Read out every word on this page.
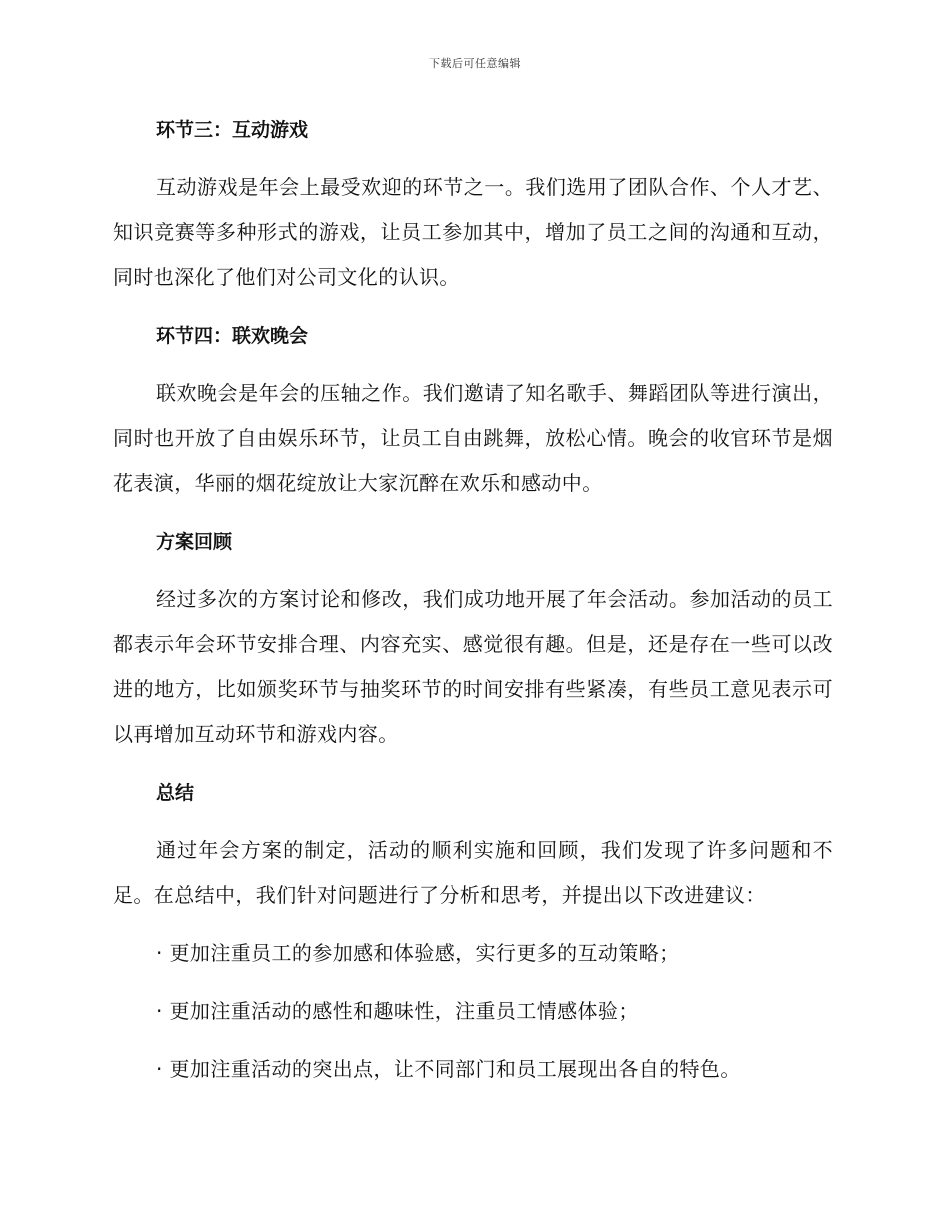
下载后可任意编辑
环节三：互动游戏

互动游戏是年会上最受欢迎的环节之一。我们选用了团队合作、个人才艺、知识竞赛等多种形式的游戏，让员工参加其中，增加了员工之间的沟通和互动，同时也深化了他们对公司文化的认识。

环节四：联欢晚会

联欢晚会是年会的压轴之作。我们邀请了知名歌手、舞蹈团队等进行演出，同时也开放了自由娱乐环节，让员工自由跳舞，放松心情。晚会的收官环节是烟花表演，华丽的烟花绽放让大家沉醉在欢乐和感动中。

方案回顾

经过多次的方案讨论和修改，我们成功地开展了年会活动。参加活动的员工都表示年会环节安排合理、内容充实、感觉很有趣。但是，还是存在一些可以改进的地方，比如颁奖环节与抽奖环节的时间安排有些紧凑，有些员工意见表示可以再增加互动环节和游戏内容。

总结

通过年会方案的制定，活动的顺利实施和回顾，我们发现了许多问题和不足。在总结中，我们针对问题进行了分析和思考，并提出以下改进建议：

· 更加注重员工的参加感和体验感，实行更多的互动策略；

· 更加注重活动的感性和趣味性，注重员工情感体验；

· 更加注重活动的突出点，让不同部门和员工展现出各自的特色。
